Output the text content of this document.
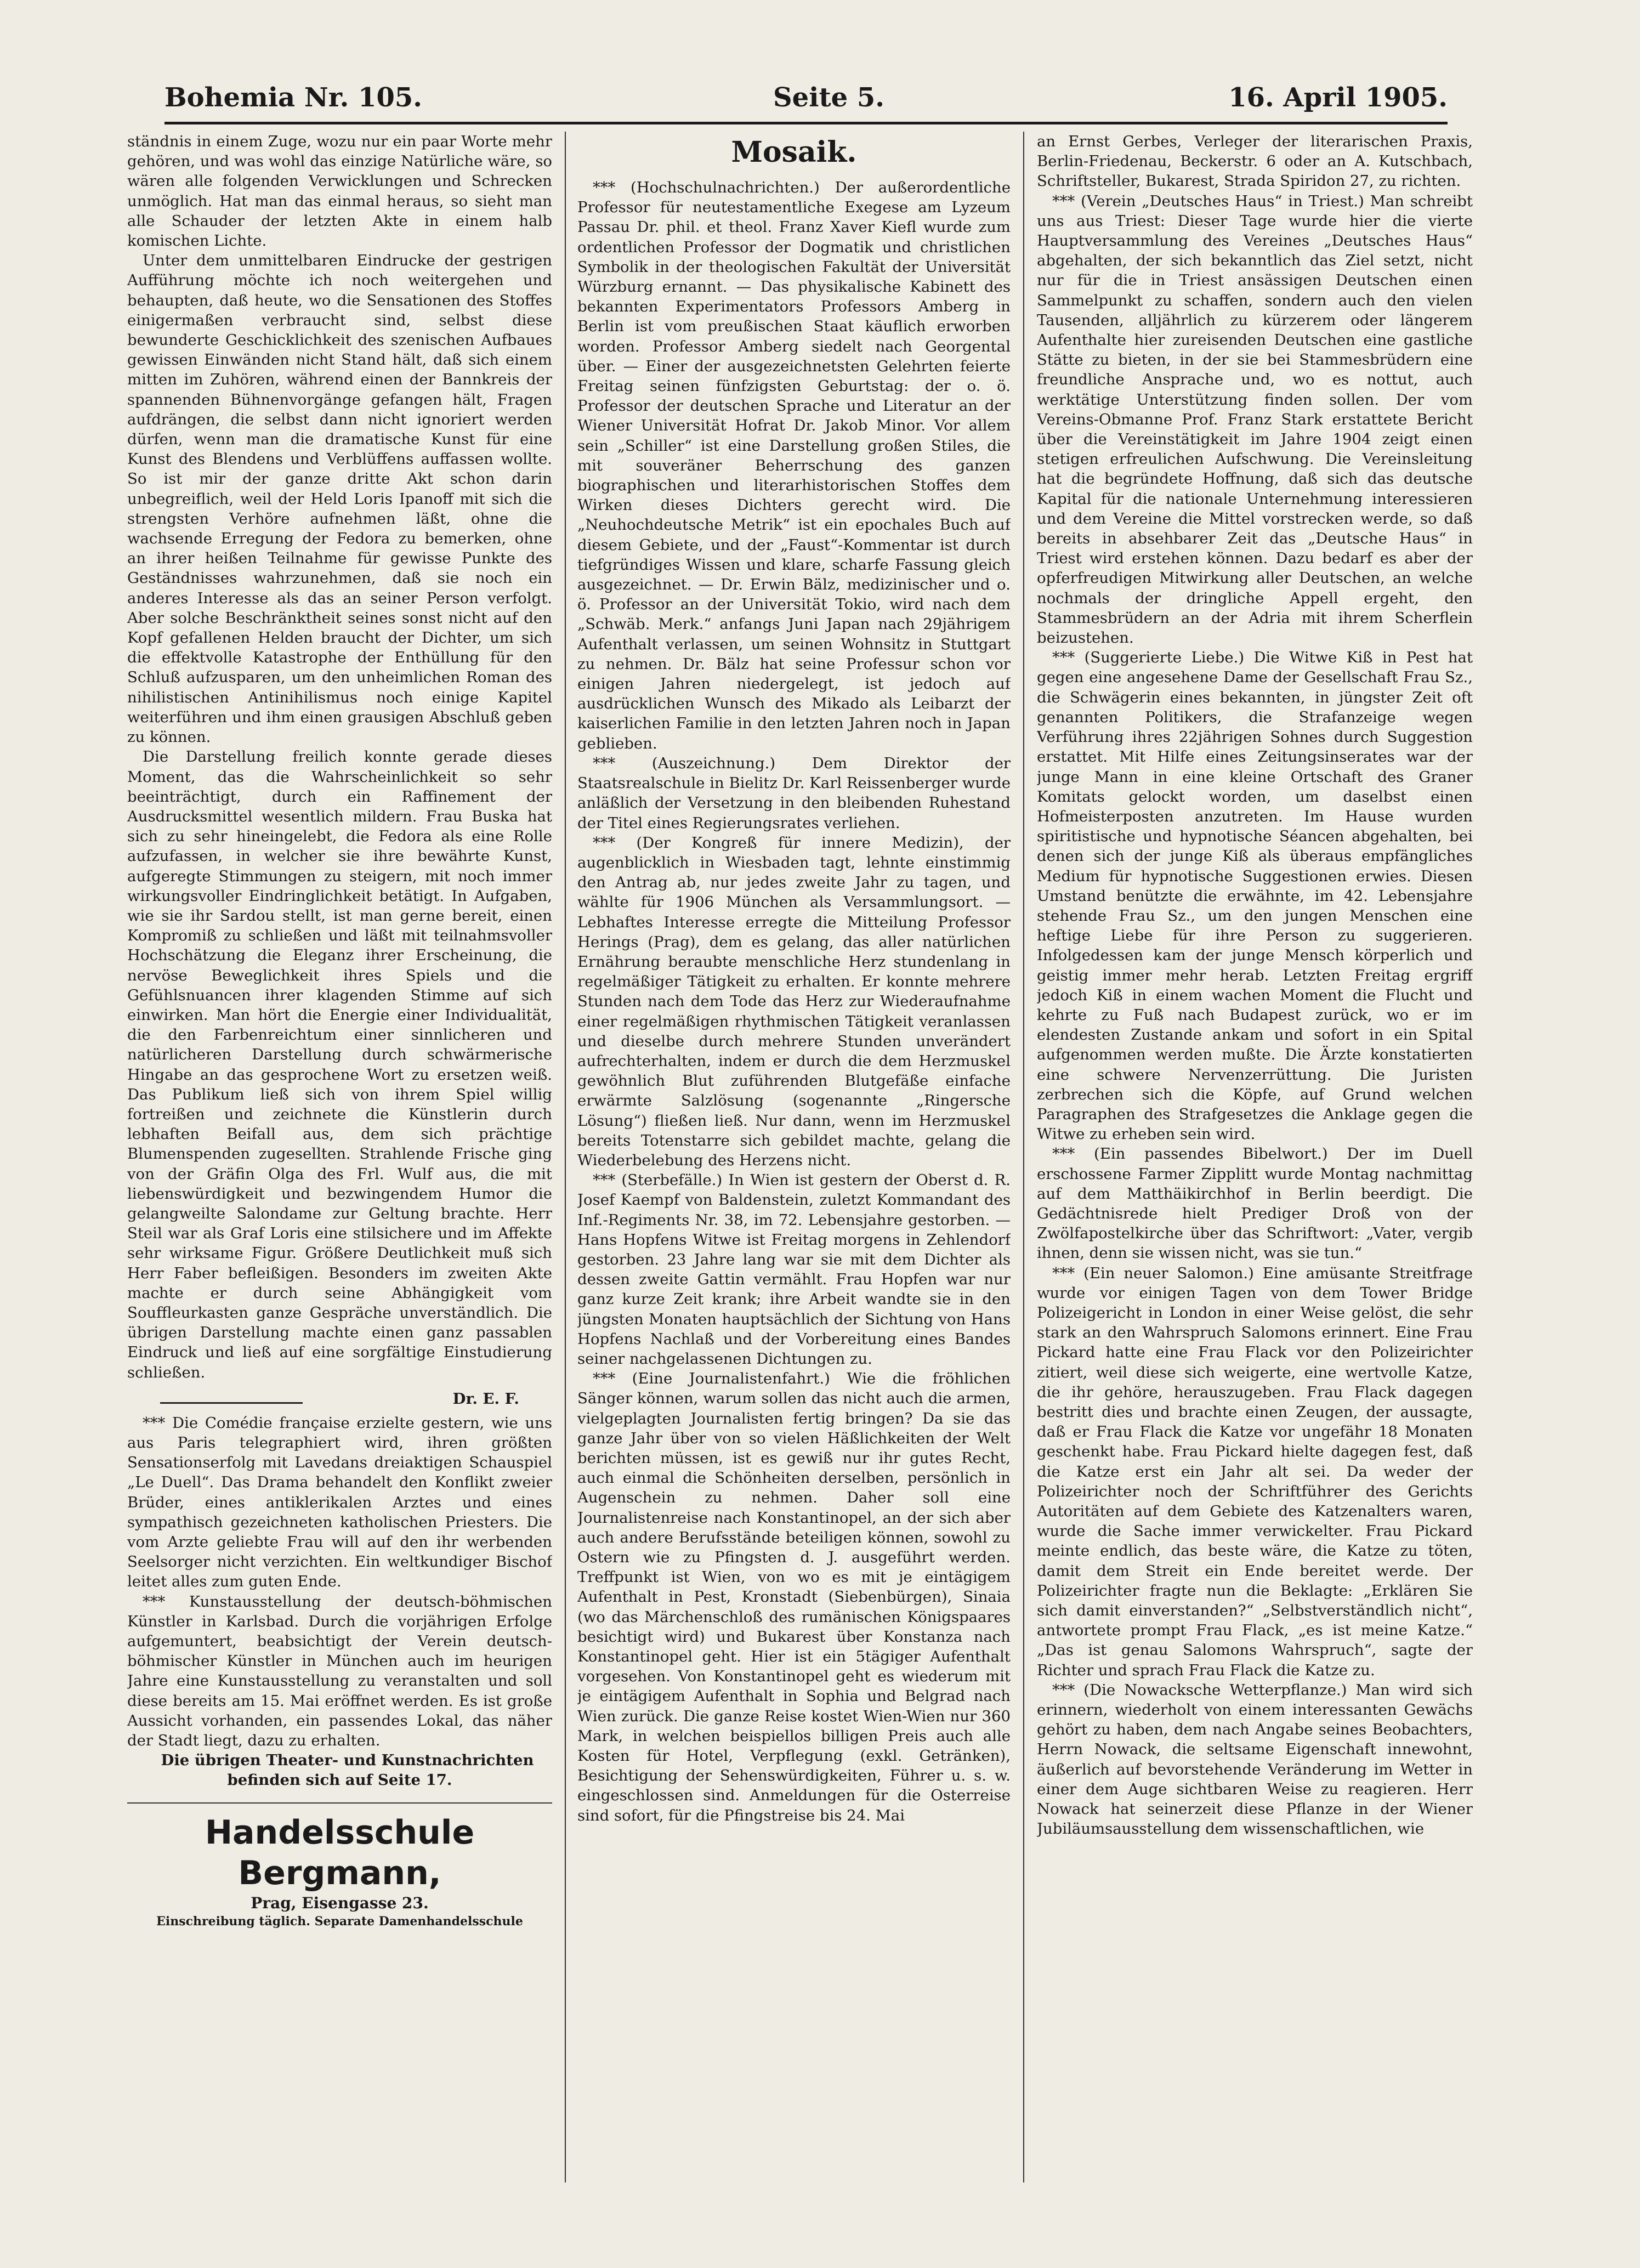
Bohemia Nr. 105.	Seite 5.	16. April 1905.

ständnis in einem Zuge, wozu nur ein paar Worte mehr gehören, und was wohl das einzige Natürliche wäre, so wären alle folgenden Verwicklungen und Schrecken unmöglich. Hat man das einmal heraus, so sieht man alle Schauder der letzten Akte in einem halb komischen Lichte.

Unter dem unmittelbaren Eindrucke der gestrigen Aufführung möchte ich noch weitergehen und behaupten, daß heute, wo die Sensationen des Stoffes einigermaßen verbraucht sind, selbst diese bewunderte Geschicklichkeit des szenischen Aufbaues gewissen Einwänden nicht Stand hält, daß sich einem mitten im Zuhören, während einen der Bannkreis der spannenden Bühnenvorgänge gefangen hält, Fragen aufdrängen, die selbst dann nicht ignoriert werden dürfen, wenn man die dramatische Kunst für eine Kunst des Blendens und Verblüffens auffassen wollte. So ist mir der ganze dritte Akt schon darin unbegreiflich, weil der Held Loris Ipanoff mit sich die strengsten Verhöre aufnehmen läßt, ohne die wachsende Erregung der Fedora zu bemerken, ohne an ihrer heißen Teilnahme für gewisse Punkte des Geständnisses wahrzunehmen, daß sie noch ein anderes Interesse als das an seiner Person verfolgt. Aber solche Beschränktheit seines sonst nicht auf den Kopf gefallenen Helden braucht der Dichter, um sich die effektvolle Katastrophe der Enthüllung für den Schluß aufzusparen, um den unheimlichen Roman des nihilistischen Antinihilismus noch einige Kapitel weiterführen und ihm einen grausigen Abschluß geben zu können.

Die Darstellung freilich konnte gerade dieses Moment, das die Wahrscheinlichkeit so sehr beeinträchtigt, durch ein Raffinement der Ausdrucksmittel wesentlich mildern. Frau Buska hat sich zu sehr hineingelebt, die Fedora als eine Rolle aufzufassen, in welcher sie ihre bewährte Kunst, aufgeregte Stimmungen zu steigern, mit noch immer wirkungsvoller Eindringlichkeit betätigt. In Aufgaben, wie sie ihr Sardou stellt, ist man gerne bereit, einen Kompromiß zu schließen und läßt mit teilnahmsvoller Hochschätzung die Eleganz ihrer Erscheinung, die nervöse Beweglichkeit ihres Spiels und die Gefühlsnuancen ihrer klagenden Stimme auf sich einwirken. Man hört die Energie einer Individualität, die den Farbenreichtum einer sinnlicheren und natürlicheren Darstellung durch schwärmerische Hingabe an das gesprochene Wort zu ersetzen weiß. Das Publikum ließ sich von ihrem Spiel willig fortreißen und zeichnete die Künstlerin durch lebhaften Beifall aus, dem sich prächtige Blumenspenden zugesellten. Strahlende Frische ging von der Gräfin Olga des Frl. Wulf aus, die mit liebenswürdigkeit und bezwingendem Humor die gelangweilte Salondame zur Geltung brachte. Herr Steil war als Graf Loris eine stilsichere und im Affekte sehr wirksame Figur. Größere Deutlichkeit muß sich Herr Faber befleißigen. Besonders im zweiten Akte machte er durch seine Abhängigkeit vom Souffleurkasten ganze Gespräche unverständlich. Die übrigen Darstellung machte einen ganz passablen Eindruck und ließ auf eine sorgfältige Einstudierung schließen.

Dr. E. F.

*** Die Comédie française erzielte gestern, wie uns aus Paris telegraphiert wird, ihren größten Sensationserfolg mit Lavedans dreiaktigen Schauspiel „Le Duell“. Das Drama behandelt den Konflikt zweier Brüder, eines antiklerikalen Arztes und eines sympathisch gezeichneten katholischen Priesters. Die vom Arzte geliebte Frau will auf den ihr werbenden Seelsorger nicht verzichten. Ein weltkundiger Bischof leitet alles zum guten Ende.

*** Kunstausstellung der deutsch-böhmischen Künstler in Karlsbad. Durch die vorjährigen Erfolge aufgemuntert, beabsichtigt der Verein deutsch-böhmischer Künstler in München auch im heurigen Jahre eine Kunstausstellung zu veranstalten und soll diese bereits am 15. Mai eröffnet werden. Es ist große Aussicht vorhanden, ein passendes Lokal, das näher der Stadt liegt, dazu zu erhalten.

Die übrigen Theater- und Kunstnachrichten befinden sich auf Seite 17.

Handelsschule Bergmann,
Prag, Eisengasse 23.
Einschreibung täglich. Separate Damenhandelsschule
Mosaik.

*** (Hochschulnachrichten.) Der außerordentliche Professor für neutestamentliche Exegese am Lyzeum Passau Dr. phil. et theol. Franz Xaver Kiefl wurde zum ordentlichen Professor der Dogmatik und christlichen Symbolik in der theologischen Fakultät der Universität Würzburg ernannt. — Das physikalische Kabinett des bekannten Experimentators Professors Amberg in Berlin ist vom preußischen Staat käuflich erworben worden. Professor Amberg siedelt nach Georgental über. — Einer der ausgezeichnetsten Gelehrten feierte Freitag seinen fünfzigsten Geburtstag: der o. ö. Professor der deutschen Sprache und Literatur an der Wiener Universität Hofrat Dr. Jakob Minor. Vor allem sein „Schiller“ ist eine Darstellung großen Stiles, die mit souveräner Beherrschung des ganzen biographischen und literarhistorischen Stoffes dem Wirken dieses Dichters gerecht wird. Die „Neuhochdeutsche Metrik“ ist ein epochales Buch auf diesem Gebiete, und der „Faust“-Kommentar ist durch tiefgründiges Wissen und klare, scharfe Fassung gleich ausgezeichnet. — Dr. Erwin Bälz, medizinischer und o. ö. Professor an der Universität Tokio, wird nach dem „Schwäb. Merk.“ anfangs Juni Japan nach 29jährigem Aufenthalt verlassen, um seinen Wohnsitz in Stuttgart zu nehmen. Dr. Bälz hat seine Professur schon vor einigen Jahren niedergelegt, ist jedoch auf ausdrücklichen Wunsch des Mikado als Leibarzt der kaiserlichen Familie in den letzten Jahren noch in Japan geblieben.

*** (Auszeichnung.) Dem Direktor der Staatsrealschule in Bielitz Dr. Karl Reissenberger wurde anläßlich der Versetzung in den bleibenden Ruhestand der Titel eines Regierungsrates verliehen.

*** (Der Kongreß für innere Medizin), der augenblicklich in Wiesbaden tagt, lehnte einstimmig den Antrag ab, nur jedes zweite Jahr zu tagen, und wählte für 1906 München als Versammlungsort. — Lebhaftes Interesse erregte die Mitteilung Professor Herings (Prag), dem es gelang, das aller natürlichen Ernährung beraubte menschliche Herz stundenlang in regelmäßiger Tätigkeit zu erhalten. Er konnte mehrere Stunden nach dem Tode das Herz zur Wiederaufnahme einer regelmäßigen rhythmischen Tätigkeit veranlassen und dieselbe durch mehrere Stunden unverändert aufrechterhalten, indem er durch die dem Herzmuskel gewöhnlich Blut zuführenden Blutgefäße einfache erwärmte Salzlösung (sogenannte „Ringersche Lösung“) fließen ließ. Nur dann, wenn im Herzmuskel bereits Totenstarre sich gebildet machte, gelang die Wiederbelebung des Herzens nicht.

*** (Sterbefälle.) In Wien ist gestern der Oberst d. R. Josef Kaempf von Baldenstein, zuletzt Kommandant des Inf.-Regiments Nr. 38, im 72. Lebensjahre gestorben. — Hans Hopfens Witwe ist Freitag morgens in Zehlendorf gestorben. 23 Jahre lang war sie mit dem Dichter als dessen zweite Gattin vermählt. Frau Hopfen war nur ganz kurze Zeit krank; ihre Arbeit wandte sie in den jüngsten Monaten hauptsächlich der Sichtung von Hans Hopfens Nachlaß und der Vorbereitung eines Bandes seiner nachgelassenen Dichtungen zu.

*** (Eine Journalistenfahrt.) Wie die fröhlichen Sänger können, warum sollen das nicht auch die armen, vielgeplagten Journalisten fertig bringen? Da sie das ganze Jahr über von so vielen Häßlichkeiten der Welt berichten müssen, ist es gewiß nur ihr gutes Recht, auch einmal die Schönheiten derselben, persönlich in Augenschein zu nehmen. Daher soll eine Journalistenreise nach Konstantinopel, an der sich aber auch andere Berufsstände beteiligen können, sowohl zu Ostern wie zu Pfingsten d. J. ausgeführt werden. Treffpunkt ist Wien, von wo es mit je eintägigem Aufenthalt in Pest, Kronstadt (Siebenbürgen), Sinaia (wo das Märchenschloß des rumänischen Königspaares besichtigt wird) und Bukarest über Konstanza nach Konstantinopel geht. Hier ist ein 5tägiger Aufenthalt vorgesehen. Von Konstantinopel geht es wiederum mit je eintägigem Aufenthalt in Sophia und Belgrad nach Wien zurück. Die ganze Reise kostet Wien-Wien nur 360 Mark, in welchen beispiellos billigen Preis auch alle Kosten für Hotel, Verpflegung (exkl. Getränken), Besichtigung der Sehenswürdigkeiten, Führer u. s. w. eingeschlossen sind. Anmeldungen für die Osterreise sind sofort, für die Pfingstreise bis 24. Mai

an Ernst Gerbes, Verleger der literarischen Praxis, Berlin-Friedenau, Beckerstr. 6 oder an A. Kutschbach, Schriftsteller, Bukarest, Strada Spiridon 27, zu richten.

*** (Verein „Deutsches Haus“ in Triest.) Man schreibt uns aus Triest: Dieser Tage wurde hier die vierte Hauptversammlung des Vereines „Deutsches Haus“ abgehalten, der sich bekanntlich das Ziel setzt, nicht nur für die in Triest ansässigen Deutschen einen Sammelpunkt zu schaffen, sondern auch den vielen Tausenden, alljährlich zu kürzerem oder längerem Aufenthalte hier zureisenden Deutschen eine gastliche Stätte zu bieten, in der sie bei Stammesbrüdern eine freundliche Ansprache und, wo es nottut, auch werktätige Unterstützung finden sollen. Der vom Vereins-Obmanne Prof. Franz Stark erstattete Bericht über die Vereinstätigkeit im Jahre 1904 zeigt einen stetigen erfreulichen Aufschwung. Die Vereinsleitung hat die begründete Hoffnung, daß sich das deutsche Kapital für die nationale Unternehmung interessieren und dem Vereine die Mittel vorstrecken werde, so daß bereits in absehbarer Zeit das „Deutsche Haus“ in Triest wird erstehen können. Dazu bedarf es aber der opferfreudigen Mitwirkung aller Deutschen, an welche nochmals der dringliche Appell ergeht, den Stammesbrüdern an der Adria mit ihrem Scherflein beizustehen.

*** (Suggerierte Liebe.) Die Witwe Kiß in Pest hat gegen eine angesehene Dame der Gesellschaft Frau Sz., die Schwägerin eines bekannten, in jüngster Zeit oft genannten Politikers, die Strafanzeige wegen Verführung ihres 22jährigen Sohnes durch Suggestion erstattet. Mit Hilfe eines Zeitungsinserates war der junge Mann in eine kleine Ortschaft des Graner Komitats gelockt worden, um daselbst einen Hofmeisterposten anzutreten. Im Hause wurden spiritistische und hypnotische Séancen abgehalten, bei denen sich der junge Kiß als überaus empfängliches Medium für hypnotische Suggestionen erwies. Diesen Umstand benützte die erwähnte, im 42. Lebensjahre stehende Frau Sz., um den jungen Menschen eine heftige Liebe für ihre Person zu suggerieren. Infolgedessen kam der junge Mensch körperlich und geistig immer mehr herab. Letzten Freitag ergriff jedoch Kiß in einem wachen Moment die Flucht und kehrte zu Fuß nach Budapest zurück, wo er im elendesten Zustande ankam und sofort in ein Spital aufgenommen werden mußte. Die Ärzte konstatierten eine schwere Nervenzerrüttung. Die Juristen zerbrechen sich die Köpfe, auf Grund welchen Paragraphen des Strafgesetzes die Anklage gegen die Witwe zu erheben sein wird.

*** (Ein passendes Bibelwort.) Der im Duell erschossene Farmer Zipplitt wurde Montag nachmittag auf dem Matthäikirchhof in Berlin beerdigt. Die Gedächtnisrede hielt Prediger Droß von der Zwölfapostelkirche über das Schriftwort: „Vater, vergib ihnen, denn sie wissen nicht, was sie tun.“

*** (Ein neuer Salomon.) Eine amüsante Streitfrage wurde vor einigen Tagen von dem Tower Bridge Polizeigericht in London in einer Weise gelöst, die sehr stark an den Wahrspruch Salomons erinnert. Eine Frau Pickard hatte eine Frau Flack vor den Polizeirichter zitiert, weil diese sich weigerte, eine wertvolle Katze, die ihr gehöre, herauszugeben. Frau Flack dagegen bestritt dies und brachte einen Zeugen, der aussagte, daß er Frau Flack die Katze vor ungefähr 18 Monaten geschenkt habe. Frau Pickard hielte dagegen fest, daß die Katze erst ein Jahr alt sei. Da weder der Polizeirichter noch der Schriftführer des Gerichts Autoritäten auf dem Gebiete des Katzenalters waren, wurde die Sache immer verwickelter. Frau Pickard meinte endlich, das beste wäre, die Katze zu töten, damit dem Streit ein Ende bereitet werde. Der Polizeirichter fragte nun die Beklagte: „Erklären Sie sich damit einverstanden?“ „Selbstverständlich nicht“, antwortete prompt Frau Flack, „es ist meine Katze.“ „Das ist genau Salomons Wahrspruch“, sagte der Richter und sprach Frau Flack die Katze zu.

*** (Die Nowacksche Wetterpflanze.) Man wird sich erinnern, wiederholt von einem interessanten Gewächs gehört zu haben, dem nach Angabe seines Beobachters, Herrn Nowack, die seltsame Eigenschaft innewohnt, äußerlich auf bevorstehende Veränderung im Wetter in einer dem Auge sichtbaren Weise zu reagieren. Herr Nowack hat seinerzeit diese Pflanze in der Wiener Jubiläumsausstellung dem wissenschaftlichen, wie
